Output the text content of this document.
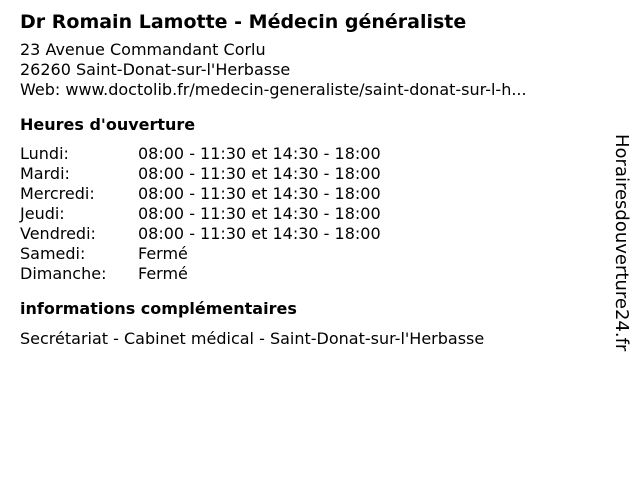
Dr Romain Lamotte - Médecin généraliste
23 Avenue Commandant Corlu
26260 Saint-Donat-sur-l'Herbasse
Web: www.doctolib.fr/medecin-generaliste/saint-donat-sur-l-h...
Heures d'ouverture
Lundi:	08:00 - 11:30 et 14:30 - 18:00
Mardi:	08:00 - 11:30 et 14:30 - 18:00
Mercredi:	08:00 - 11:30 et 14:30 - 18:00
Jeudi:	08:00 - 11:30 et 14:30 - 18:00
Vendredi:	08:00 - 11:30 et 14:30 - 18:00
Samedi:	Fermé
Dimanche:	Fermé
informations complémentaires
Secrétariat - Cabinet médical - Saint-Donat-sur-l'Herbasse	Horairesdouverture24.fr
